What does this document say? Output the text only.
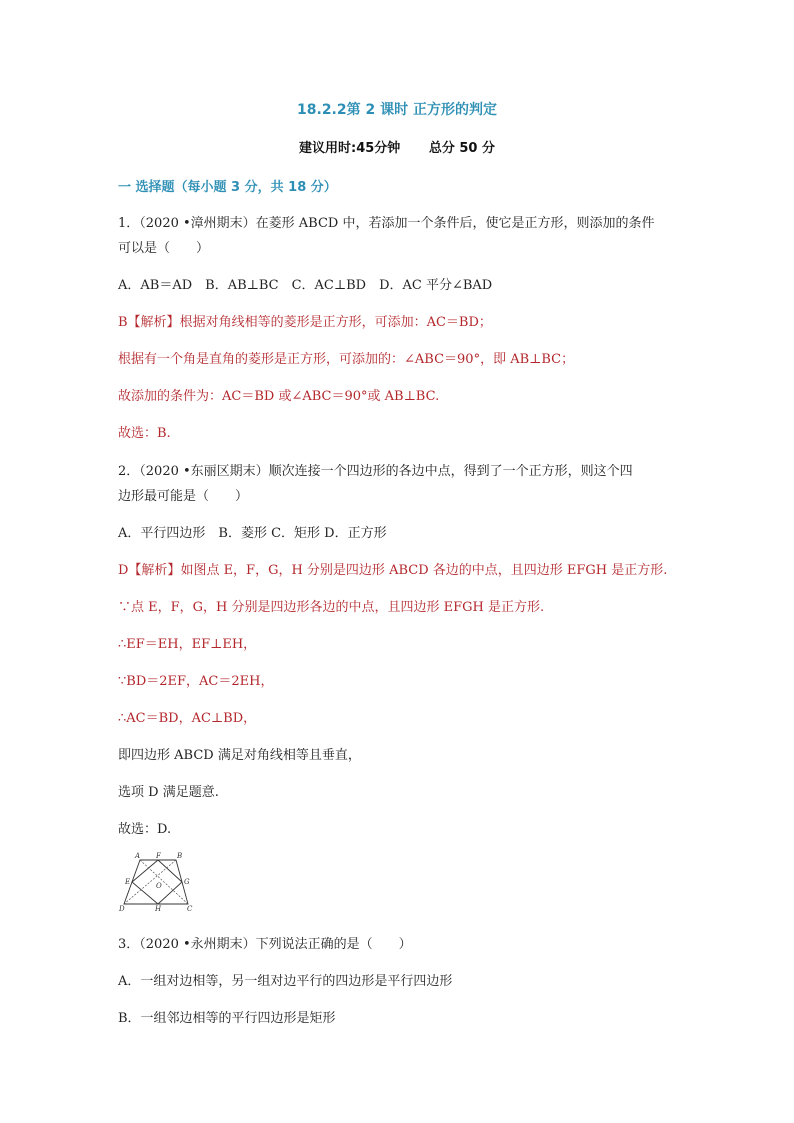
18.2.2第 2 课时 正方形的判定
建议用时:45分钟 总分 50 分
一 选择题（每小题 3 分，共 18 分）
1．（2020 •漳州期末）在菱形 ABCD 中，若添加一个条件后，使它是正方形，则添加的条件
可以是（　　）
A．AB＝AD　B．AB⊥BC　C．AC⊥BD　D．AC 平分∠BAD
B【解析】根据对角线相等的菱形是正方形，可添加：AC＝BD；
根据有一个角是直角的菱形是正方形，可添加的：∠ABC＝90°，即 AB⊥BC；
故添加的条件为：AC＝BD 或∠ABC＝90°或 AB⊥BC.
故选：B.
2．（2020 •东丽区期末）顺次连接一个四边形的各边中点，得到了一个正方形，则这个四
边形最可能是（　　）
A．平行四边形　B．菱形 C．矩形 D．正方形
D【解析】如图点 E，F，G，H 分别是四边形 ABCD 各边的中点，且四边形 EFGH 是正方形.
∵点 E，F，G，H 分别是四边形各边的中点，且四边形 EFGH 是正方形.
∴EF＝EH，EF⊥EH，
∵BD＝2EF，AC＝2EH，
∴AC＝BD，AC⊥BD，
即四边形 ABCD 满足对角线相等且垂直，
选项 D 满足题意.
故选：D.
A F B
E	G
O
D	H	C
3．（2020 •永州期末）下列说法正确的是（　　）
A．一组对边相等，另一组对边平行的四边形是平行四边形
B．一组邻边相等的平行四边形是矩形
